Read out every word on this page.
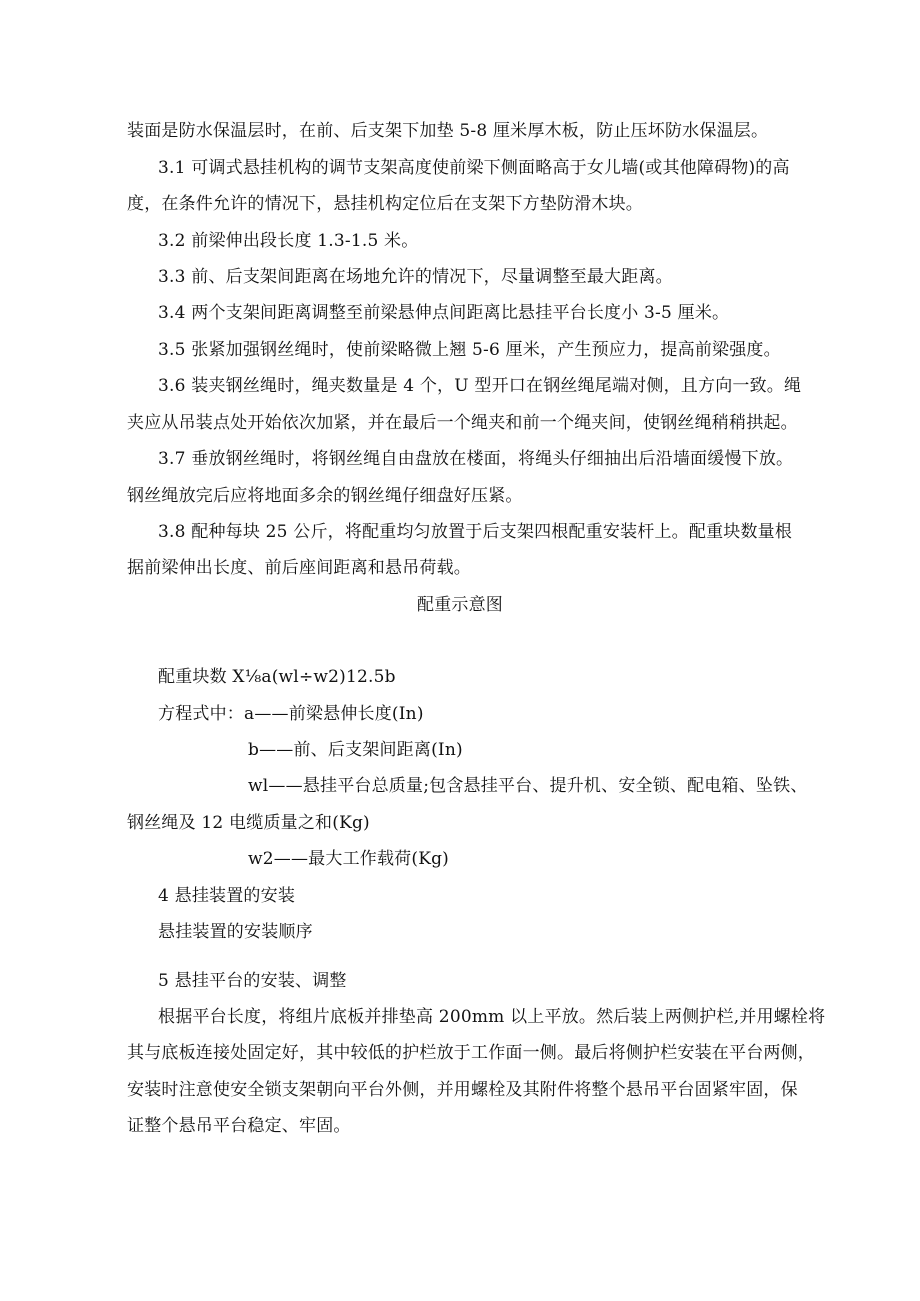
装面是防水保温层时，在前、后支架下加垫 5-8 厘米厚木板，防止压坏防水保温层。
3.1 可调式悬挂机构的调节支架高度使前梁下侧面略高于女儿墙(或其他障碍物)的高
度，在条件允许的情况下，悬挂机构定位后在支架下方垫防滑木块。
3.2 前梁伸出段长度 1.3-1.5 米。
3.3 前、后支架间距离在场地允许的情况下，尽量调整至最大距离。
3.4 两个支架间距离调整至前梁悬伸点间距离比悬挂平台长度小 3-5 厘米。
3.5 张紧加强钢丝绳时，使前梁略微上翘 5-6 厘米，产生预应力，提高前梁强度。
3.6 装夹钢丝绳时，绳夹数量是 4 个，U 型开口在钢丝绳尾端对侧，且方向一致。绳
夹应从吊装点处开始依次加紧，并在最后一个绳夹和前一个绳夹间，使钢丝绳稍稍拱起。
3.7 垂放钢丝绳时，将钢丝绳自由盘放在楼面，将绳头仔细抽出后沿墙面缓慢下放。
钢丝绳放完后应将地面多余的钢丝绳仔细盘好压紧。
3.8 配种每块 25 公斤，将配重均匀放置于后支架四根配重安装杆上。配重块数量根
据前梁伸出长度、前后座间距离和悬吊荷载。
配重示意图
配重块数 X⅛a(wl÷w2)12.5b
方程式中：a——前梁悬伸长度(In)
b——前、后支架间距离(In)
wl——悬挂平台总质量;包含悬挂平台、提升机、安全锁、配电箱、坠铁、
钢丝绳及 12 电缆质量之和(Kg)
w2——最大工作载荷(Kg)
4 悬挂装置的安装
悬挂装置的安装顺序
5 悬挂平台的安装、调整
根据平台长度，将组片底板并排垫高 200mm 以上平放。然后装上两侧护栏,并用螺栓将
其与底板连接处固定好，其中较低的护栏放于工作面一侧。最后将侧护栏安装在平台两侧，
安装时注意使安全锁支架朝向平台外侧，并用螺栓及其附件将整个悬吊平台固紧牢固，保
证整个悬吊平台稳定、牢固。
